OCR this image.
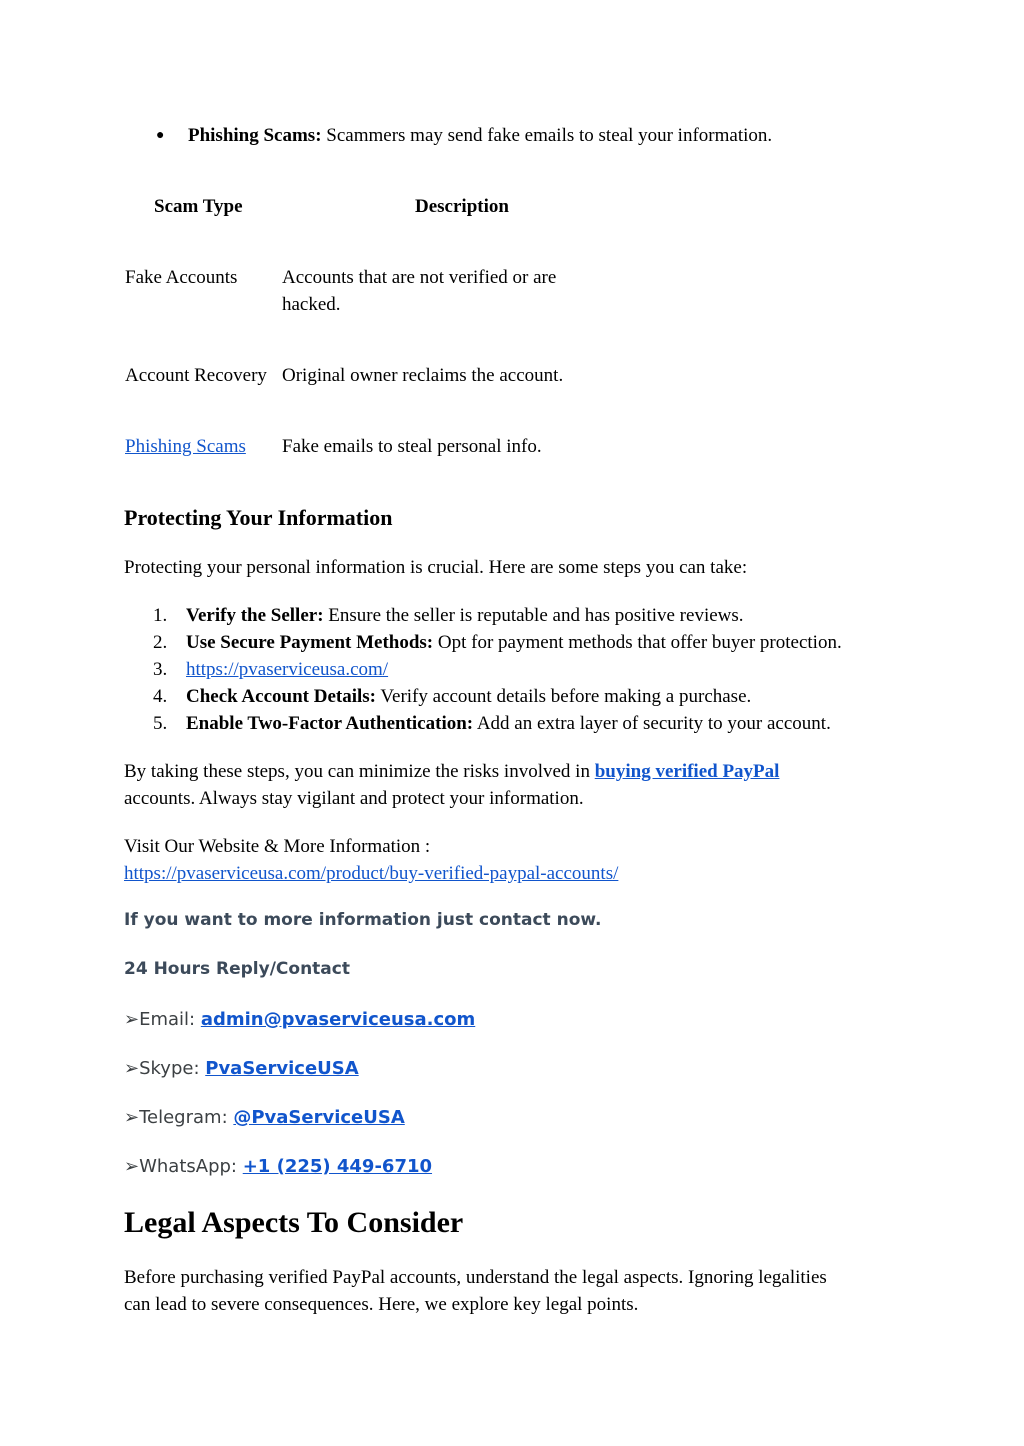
● Phishing Scams: Scammers may send fake emails to steal your information.
Scam Type	Description
Fake Accounts Accounts that are not verified or are
hacked.
Account Recovery Original owner reclaims the account.
Phishing Scams Fake emails to steal personal info.
Protecting Your Information
Protecting your personal information is crucial. Here are some steps you can take:
1. Verify the Seller: Ensure the seller is reputable and has positive reviews.
2. Use Secure Payment Methods: Opt for payment methods that offer buyer protection.
3. https://pvaserviceusa.com/
4. Check Account Details: Verify account details before making a purchase.
5. Enable Two-Factor Authentication: Add an extra layer of security to your account.
By taking these steps, you can minimize the risks involved in buying verified PayPal
accounts. Always stay vigilant and protect your information.
Visit Our Website & More Information :
https://pvaserviceusa.com/product/buy-verified-paypal-accounts/
If you want to more information just contact now.
24 Hours Reply/Contact
➢Email: admin@pvaserviceusa.com
➢Skype: PvaServiceUSA
➢Telegram: @PvaServiceUSA
➢WhatsApp: +1 (225) 449-6710
Legal Aspects To Consider
Before purchasing verified PayPal accounts, understand the legal aspects. Ignoring legalities
can lead to severe consequences. Here, we explore key legal points.
